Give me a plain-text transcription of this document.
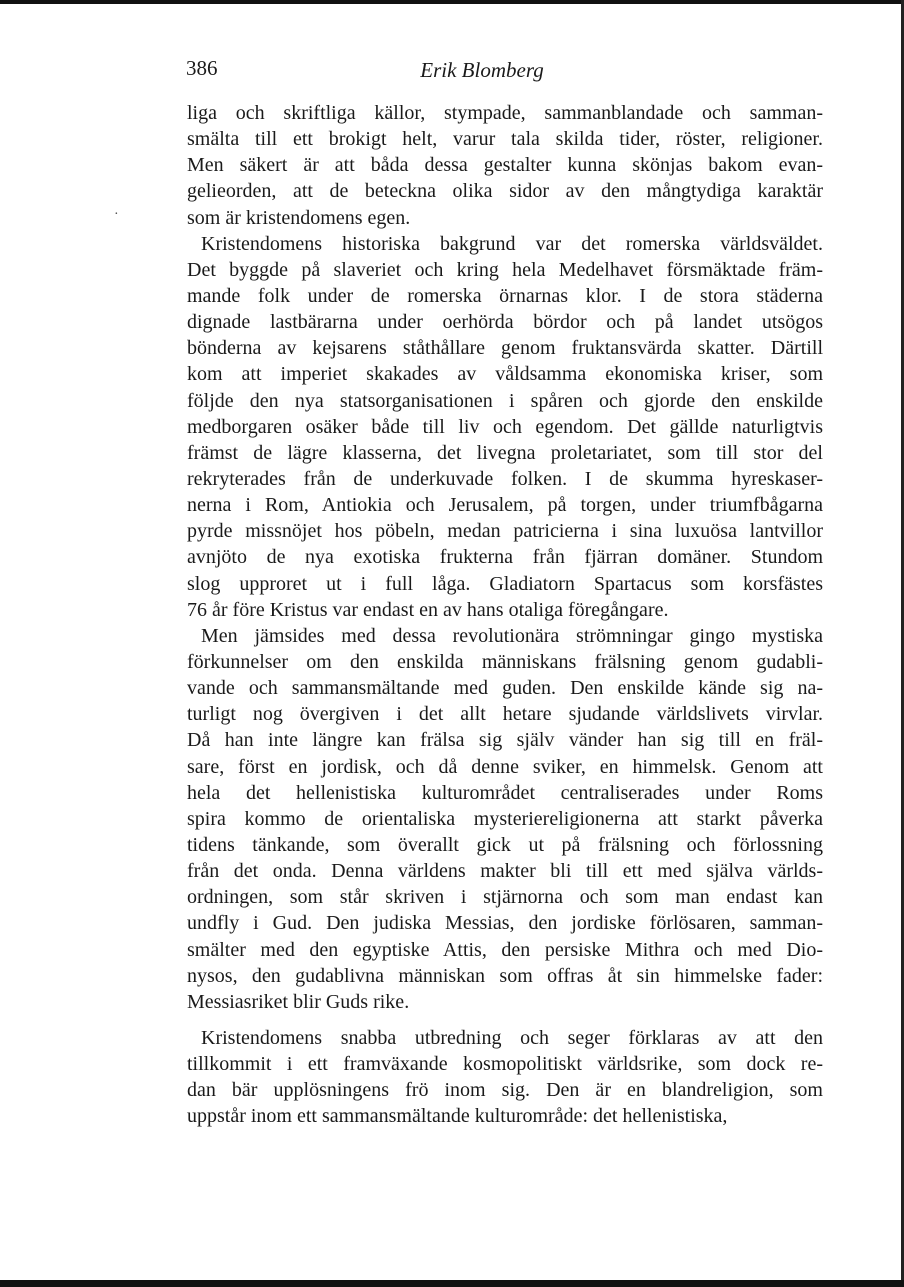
386	Erik Blomberg
·
liga och skriftliga källor, stympade, sammanblandade och samman-
smälta till ett brokigt helt, varur tala skilda tider, röster, religioner.
Men säkert är att båda dessa gestalter kunna skönjas bakom evan-
gelieorden, att de beteckna olika sidor av den mångtydiga karaktär
som är kristendomens egen.
Kristendomens historiska bakgrund var det romerska världsväldet.
Det byggde på slaveriet och kring hela Medelhavet försmäktade främ-
mande folk under de romerska örnarnas klor. I de stora städerna
dignade lastbärarna under oerhörda bördor och på landet utsögos
bönderna av kejsarens ståthållare genom fruktansvärda skatter. Därtill
kom att imperiet skakades av våldsamma ekonomiska kriser, som
följde den nya statsorganisationen i spåren och gjorde den enskilde
medborgaren osäker både till liv och egendom. Det gällde naturligtvis
främst de lägre klasserna, det livegna proletariatet, som till stor del
rekryterades från de underkuvade folken. I de skumma hyreskaser-
nerna i Rom, Antiokia och Jerusalem, på torgen, under triumfbågarna
pyrde missnöjet hos pöbeln, medan patricierna i sina luxuösa lantvillor
avnjöto de nya exotiska frukterna från fjärran domäner. Stundom
slog upproret ut i full låga. Gladiatorn Spartacus som korsfästes
76 år före Kristus var endast en av hans otaliga föregångare.
Men jämsides med dessa revolutionära strömningar gingo mystiska
förkunnelser om den enskilda människans frälsning genom gudabli-
vande och sammansmältande med guden. Den enskilde kände sig na-
turligt nog övergiven i det allt hetare sjudande världslivets virvlar.
Då han inte längre kan frälsa sig själv vänder han sig till en fräl-
sare, först en jordisk, och då denne sviker, en himmelsk. Genom att
hela det hellenistiska kulturområdet centraliserades under Roms
spira kommo de orientaliska mysteriereligionerna att starkt påverka
tidens tänkande, som överallt gick ut på frälsning och förlossning
från det onda. Denna världens makter bli till ett med själva världs-
ordningen, som står skriven i stjärnorna och som man endast kan
undfly i Gud. Den judiska Messias, den jordiske förlösaren, samman-
smälter med den egyptiske Attis, den persiske Mithra och med Dio-
nysos, den gudablivna människan som offras åt sin himmelske fader:
Messiasriket blir Guds rike.
Kristendomens snabba utbredning och seger förklaras av att den
tillkommit i ett framväxande kosmopolitiskt världsrike, som dock re-
dan bär upplösningens frö inom sig. Den är en blandreligion, som
uppstår inom ett sammansmältande kulturområde: det hellenistiska,
